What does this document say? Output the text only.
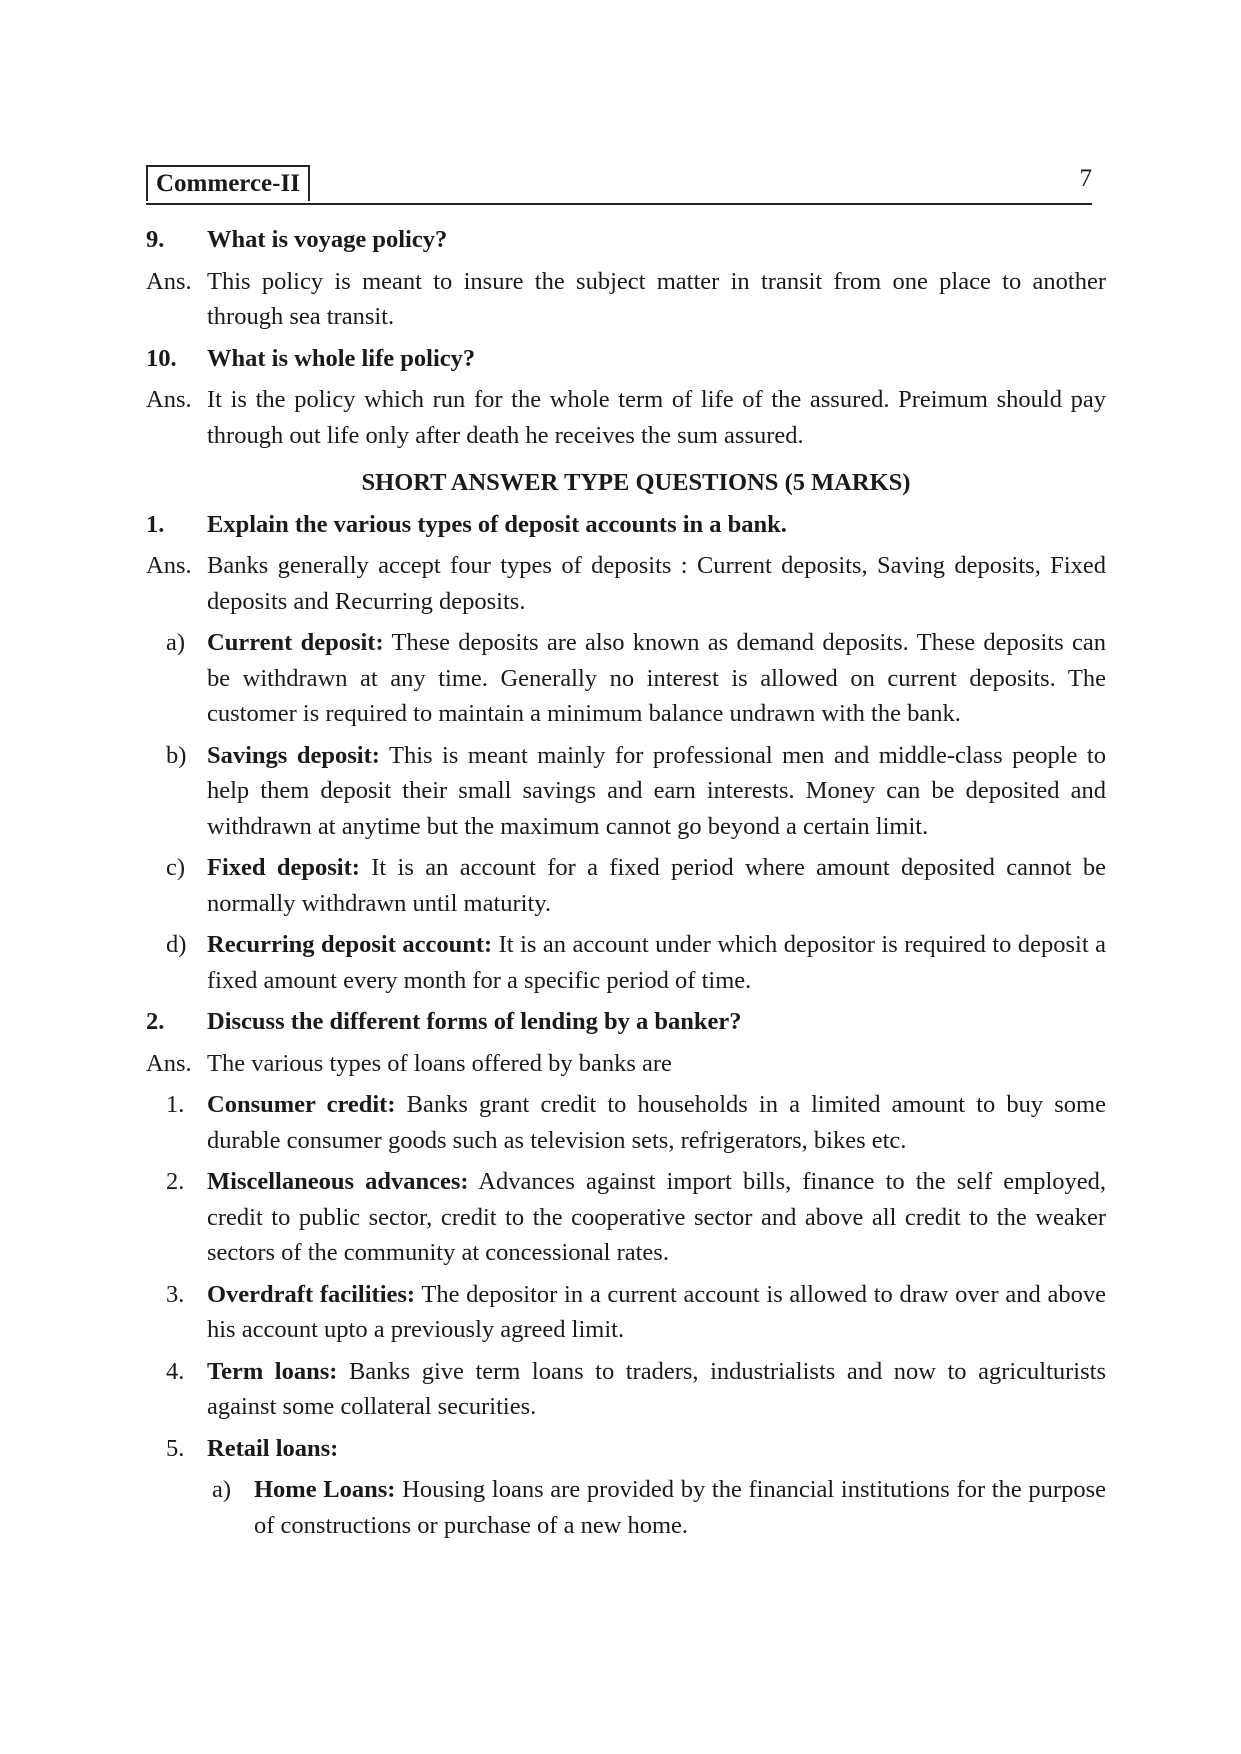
Commerce-II	7
9. What is voyage policy?
Ans. This policy is meant to insure the subject matter in transit from one place to another through sea transit.
10. What is whole life policy?
Ans. It is the policy which run for the whole term of life of the assured. Preimum should pay through out life only after death he receives the sum assured.
SHORT ANSWER TYPE QUESTIONS (5 MARKS)
1. Explain the various types of deposit accounts in a bank.
Ans. Banks generally accept four types of deposits : Current deposits, Saving deposits, Fixed deposits and Recurring deposits.
a) Current deposit: These deposits are also known as demand deposits. These deposits can be withdrawn at any time. Generally no interest is allowed on current deposits. The customer is required to maintain a minimum balance undrawn with the bank.
b) Savings deposit: This is meant mainly for professional men and middle-class people to help them deposit their small savings and earn interests. Money can be deposited and withdrawn at anytime but the maximum cannot go beyond a certain limit.
c) Fixed deposit: It is an account for a fixed period where amount deposited cannot be normally withdrawn until maturity.
d) Recurring deposit account: It is an account under which depositor is required to deposit a fixed amount every month for a specific period of time.
2. Discuss the different forms of lending by a banker?
Ans. The various types of loans offered by banks are
1. Consumer credit: Banks grant credit to households in a limited amount to buy some durable consumer goods such as television sets, refrigerators, bikes etc.
2. Miscellaneous advances: Advances against import bills, finance to the self employed, credit to public sector, credit to the cooperative sector and above all credit to the weaker sectors of the community at concessional rates.
3. Overdraft facilities: The depositor in a current account is allowed to draw over and above his account upto a previously agreed limit.
4. Term loans: Banks give term loans to traders, industrialists and now to agriculturists against some collateral securities.
5. Retail loans:
a) Home Loans: Housing loans are provided by the financial institutions for the purpose of constructions or purchase of a new home.
